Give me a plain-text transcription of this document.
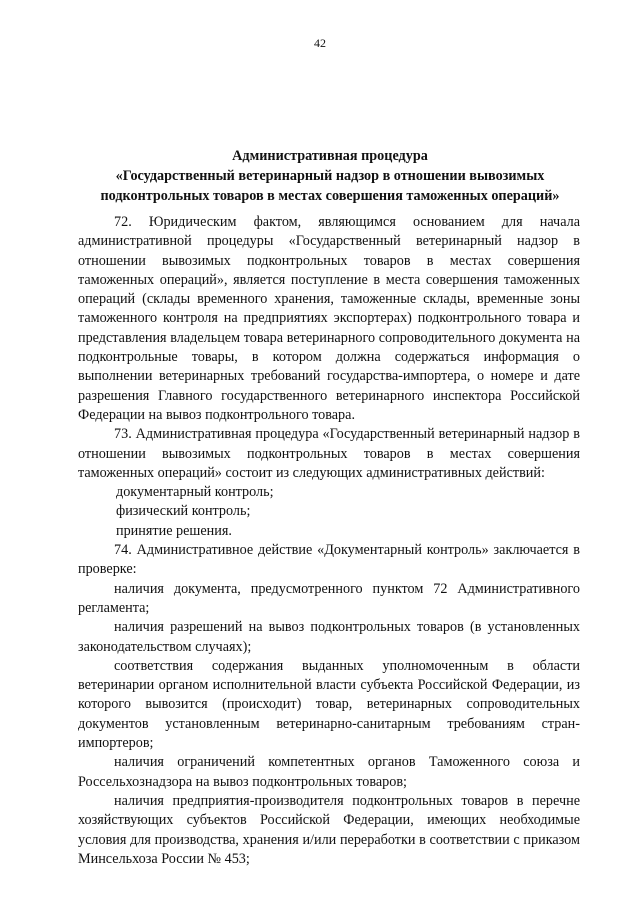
42
Административная процедура
«Государственный ветеринарный надзор в отношении вывозимых подконтрольных товаров в местах совершения таможенных операций»

72. Юридическим фактом, являющимся основанием для начала административной процедуры «Государственный ветеринарный надзор в отношении вывозимых подконтрольных товаров в местах совершения таможенных операций», является поступление в места совершения таможенных операций (склады временного хранения, таможенные склады, временные зоны таможенного контроля на предприятиях экспортерах) подконтрольного товара и представления владельцем товара ветеринарного сопроводительного документа на подконтрольные товары, в котором должна содержаться информация о выполнении ветеринарных требований государства-импортера, о номере и дате разрешения Главного государственного ветеринарного инспектора Российской Федерации на вывоз подконтрольного товара.

73. Административная процедура «Государственный ветеринарный надзор в отношении вывозимых подконтрольных товаров в местах совершения таможенных операций» состоит из следующих административных действий:

документарный контроль;

физический контроль;

принятие решения.

74. Административное действие «Документарный контроль» заключается в проверке:

наличия документа, предусмотренного пунктом 72 Административного регламента;

наличия разрешений на вывоз подконтрольных товаров (в установленных законодательством случаях);

соответствия содержания выданных уполномоченным в области ветеринарии органом исполнительной власти субъекта Российской Федерации, из которого вывозится (происходит) товар, ветеринарных сопроводительных документов установленным ветеринарно-санитарным требованиям стран-импортеров;

наличия ограничений компетентных органов Таможенного союза и Россельхознадзора на вывоз подконтрольных товаров;

наличия предприятия-производителя подконтрольных товаров в перечне хозяйствующих субъектов Российской Федерации, имеющих необходимые условия для производства, хранения и/или переработки в соответствии с приказом Минсельхоза России № 453;
